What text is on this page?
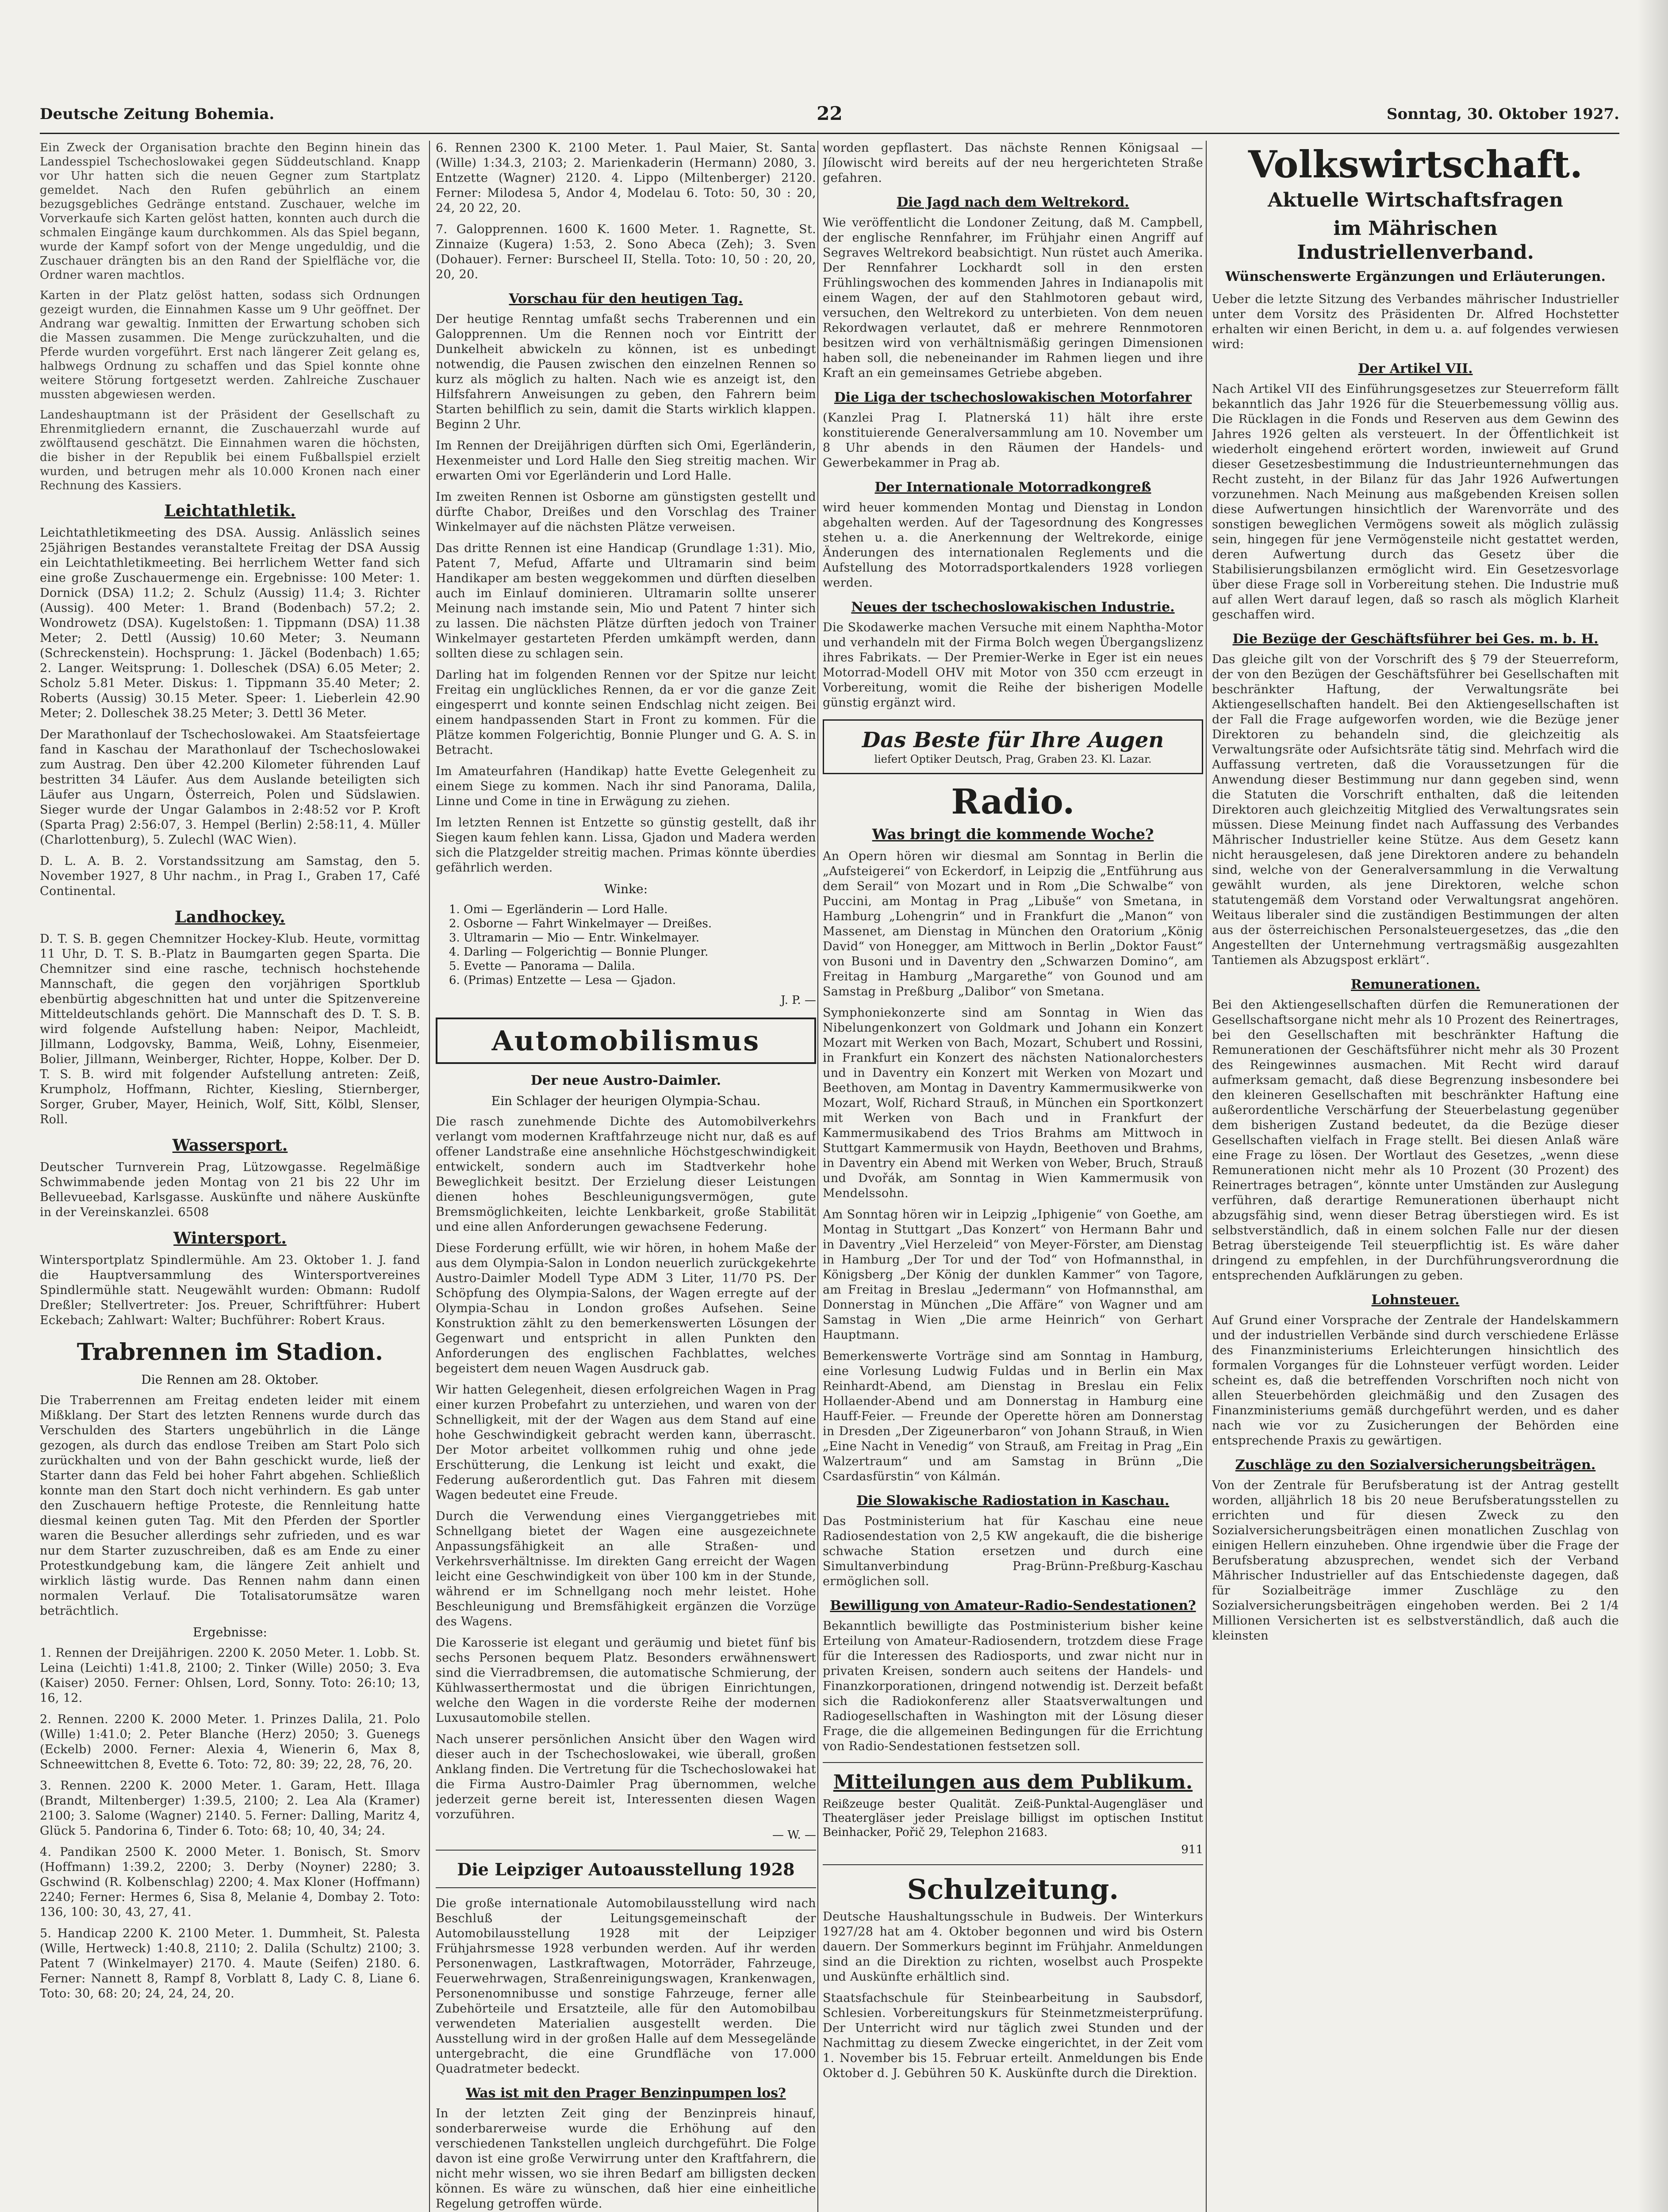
Deutsche Zeitung Bohemia.	22	Sonntag, 30. Oktober 1927.

Ein Zweck der Organisation brachte den Beginn hinein das Landesspiel Tschechoslowakei gegen Süddeutschland. Knapp vor Uhr hatten sich die neuen Gegner zum Startplatz gemeldet. Nach den Rufen gebührlich an einem bezugsgebliches Gedränge entstand. Zuschauer, welche im Vorverkaufe sich Karten gelöst hatten, konnten auch durch die schmalen Eingänge kaum durchkommen. Als das Spiel begann, wurde der Kampf sofort von der Menge ungeduldig, und die Zuschauer drängten bis an den Rand der Spielfläche vor, die Ordner waren machtlos.

Karten in der Platz gelöst hatten, sodass sich Ordnungen gezeigt wurden, die Einnahmen Kasse um 9 Uhr geöffnet. Der Andrang war gewaltig. Inmitten der Erwartung schoben sich die Massen zusammen. Die Menge zurückzuhalten, und die Pferde wurden vorgeführt. Erst nach längerer Zeit gelang es, halbwegs Ordnung zu schaffen und das Spiel konnte ohne weitere Störung fortgesetzt werden. Zahlreiche Zuschauer mussten abgewiesen werden.

Landeshauptmann ist der Präsident der Gesellschaft zu Ehrenmitgliedern ernannt, die Zuschauerzahl wurde auf zwölftausend geschätzt. Die Einnahmen waren die höchsten, die bisher in der Republik bei einem Fußballspiel erzielt wurden, und betrugen mehr als 10.000 Kronen nach einer Rechnung des Kassiers.

Leichtathletik.

Leichtathletikmeeting des DSA. Aussig. Anlässlich seines 25jährigen Bestandes veranstaltete Freitag der DSA Aussig ein Leichtathletikmeeting. Bei herrlichem Wetter fand sich eine große Zuschauermenge ein. Ergebnisse: 100 Meter: 1. Dornick (DSA) 11.2; 2. Schulz (Aussig) 11.4; 3. Richter (Aussig). 400 Meter: 1. Brand (Bodenbach) 57.2; 2. Wondrowetz (DSA). Kugelstoßen: 1. Tippmann (DSA) 11.38 Meter; 2. Dettl (Aussig) 10.60 Meter; 3. Neumann (Schreckenstein). Hochsprung: 1. Jäckel (Bodenbach) 1.65; 2. Langer. Weitsprung: 1. Dolleschek (DSA) 6.05 Meter; 2. Scholz 5.81 Meter. Diskus: 1. Tippmann 35.40 Meter; 2. Roberts (Aussig) 30.15 Meter. Speer: 1. Lieberlein 42.90 Meter; 2. Dolleschek 38.25 Meter; 3. Dettl 36 Meter.

Der Marathonlauf der Tschechoslowakei. Am Staatsfeiertage fand in Kaschau der Marathonlauf der Tschechoslowakei zum Austrag. Den über 42.200 Kilometer führenden Lauf bestritten 34 Läufer. Aus dem Auslande beteiligten sich Läufer aus Ungarn, Österreich, Polen und Südslawien. Sieger wurde der Ungar Galambos in 2:48:52 vor P. Kroft (Sparta Prag) 2:56:07, 3. Hempel (Berlin) 2:58:11, 4. Müller (Charlottenburg), 5. Zulechl (WAC Wien).

D. L. A. B. 2. Vorstandssitzung am Samstag, den 5. November 1927, 8 Uhr nachm., in Prag I., Graben 17, Café Continental.

Landhockey.

D. T. S. B. gegen Chemnitzer Hockey-Klub. Heute, vormittag 11 Uhr, D. T. S. B.-Platz in Baumgarten gegen Sparta. Die Chemnitzer sind eine rasche, technisch hochstehende Mannschaft, die gegen den vorjährigen Sportklub ebenbürtig abgeschnitten hat und unter die Spitzenvereine Mitteldeutschlands gehört. Die Mannschaft des D. T. S. B. wird folgende Aufstellung haben: Neipor, Machleidt, Jillmann, Lodgovsky, Bamma, Weiß, Lohny, Eisenmeier, Bolier, Jillmann, Weinberger, Richter, Hoppe, Kolber. Der D. T. S. B. wird mit folgender Aufstellung antreten: Zeiß, Krumpholz, Hoffmann, Richter, Kiesling, Stiernberger, Sorger, Gruber, Mayer, Heinich, Wolf, Sitt, Kölbl, Slenser, Roll.

Wassersport.

Deutscher Turnverein Prag, Lützowgasse. Regelmäßige Schwimmabende jeden Montag von 21 bis 22 Uhr im Bellevueebad, Karlsgasse. Auskünfte und nähere Auskünfte in der Vereinskanzlei. 6508

Wintersport.

Wintersportplatz Spindlermühle. Am 23. Oktober 1. J. fand die Hauptversammlung des Wintersportvereines Spindlermühle statt. Neugewählt wurden: Obmann: Rudolf Dreßler; Stellvertreter: Jos. Preuer, Schriftführer: Hubert Eckebach; Zahlwart: Walter; Buchführer: Robert Kraus.

Trabrennen im Stadion.
Die Rennen am 28. Oktober.

Die Traberrennen am Freitag endeten leider mit einem Mißklang. Der Start des letzten Rennens wurde durch das Verschulden des Starters ungebührlich in die Länge gezogen, als durch das endlose Treiben am Start Polo sich zurückhalten und von der Bahn geschickt wurde, ließ der Starter dann das Feld bei hoher Fahrt abgehen. Schließlich konnte man den Start doch nicht verhindern. Es gab unter den Zuschauern heftige Proteste, die Rennleitung hatte diesmal keinen guten Tag. Mit den Pferden der Sportler waren die Besucher allerdings sehr zufrieden, und es war nur dem Starter zuzuschreiben, daß es am Ende zu einer Protestkundgebung kam, die längere Zeit anhielt und wirklich lästig wurde. Das Rennen nahm dann einen normalen Verlauf. Die Totalisatorumsätze waren beträchtlich.

Ergebnisse:

1. Rennen der Dreijährigen. 2200 K. 2050 Meter. 1. Lobb. St. Leina (Leichti) 1:41.8, 2100; 2. Tinker (Wille) 2050; 3. Eva (Kaiser) 2050. Ferner: Ohlsen, Lord, Sonny. Toto: 26:10; 13, 16, 12.

2. Rennen. 2200 K. 2000 Meter. 1. Prinzes Dalila, 21. Polo (Wille) 1:41.0; 2. Peter Blanche (Herz) 2050; 3. Guenegs (Eckelb) 2000. Ferner: Alexia 4, Wienerin 6, Max 8, Schneewittchen 8, Evette 6. Toto: 72, 80: 39; 22, 28, 76, 20.

3. Rennen. 2200 K. 2000 Meter. 1. Garam, Hett. Illaga (Brandt, Miltenberger) 1:39.5, 2100; 2. Lea Ala (Kramer) 2100; 3. Salome (Wagner) 2140. 5. Ferner: Dalling, Maritz 4, Glück 5. Pandorina 6, Tinder 6. Toto: 68; 10, 40, 34; 24.

4. Pandikan 2500 K. 2000 Meter. 1. Bonisch, St. Smorv (Hoffmann) 1:39.2, 2200; 3. Derby (Noyner) 2280; 3. Gschwind (R. Kolbenschlag) 2200; 4. Max Kloner (Hoffmann) 2240; Ferner: Hermes 6, Sisa 8, Melanie 4, Dombay 2. Toto: 136, 100: 30, 43, 27, 41.

5. Handicap 2200 K. 2100 Meter. 1. Dummheit, St. Palesta (Wille, Hertweck) 1:40.8, 2110; 2. Dalila (Schultz) 2100; 3. Patent 7 (Winkelmayer) 2170. 4. Maute (Seifen) 2180. 6. Ferner: Nannett 8, Rampf 8, Vorblatt 8, Lady C. 8, Liane 6. Toto: 30, 68: 20; 24, 24, 24, 20.

6. Rennen 2300 K. 2100 Meter. 1. Paul Maier, St. Santa (Wille) 1:34.3, 2103; 2. Marienkaderin (Hermann) 2080, 3. Entzette (Wagner) 2120. 4. Lippo (Miltenberger) 2120. Ferner: Milodesa 5, Andor 4, Modelau 6. Toto: 50, 30 : 20, 24, 20 22, 20.

7. Galopprennen. 1600 K. 1600 Meter. 1. Ragnette, St. Zinnaize (Kugera) 1:53, 2. Sono Abeca (Zeh); 3. Sven (Dohauer). Ferner: Burscheel II, Stella. Toto: 10, 50 : 20, 20, 20, 20.

Vorschau für den heutigen Tag.

Der heutige Renntag umfaßt sechs Traberennen und ein Galopprennen. Um die Rennen noch vor Eintritt der Dunkelheit abwickeln zu können, ist es unbedingt notwendig, die Pausen zwischen den einzelnen Rennen so kurz als möglich zu halten. Nach wie es anzeigt ist, den Hilfsfahrern Anweisungen zu geben, den Fahrern beim Starten behilflich zu sein, damit die Starts wirklich klappen. Beginn 2 Uhr.

Im Rennen der Dreijährigen dürften sich Omi, Egerländerin, Hexenmeister und Lord Halle den Sieg streitig machen. Wir erwarten Omi vor Egerländerin und Lord Halle.

Im zweiten Rennen ist Osborne am günstigsten gestellt und dürfte Chabor, Dreißes und den Vorschlag des Trainer Winkelmayer auf die nächsten Plätze verweisen.

Das dritte Rennen ist eine Handicap (Grundlage 1:31). Mio, Patent 7, Mefud, Affarte und Ultramarin sind beim Handikaper am besten weggekommen und dürften dieselben auch im Einlauf dominieren. Ultramarin sollte unserer Meinung nach imstande sein, Mio und Patent 7 hinter sich zu lassen. Die nächsten Plätze dürften jedoch von Trainer Winkelmayer gestarteten Pferden umkämpft werden, dann sollten diese zu schlagen sein.

Darling hat im folgenden Rennen vor der Spitze nur leicht Freitag ein unglückliches Rennen, da er vor die ganze Zeit eingesperrt und konnte seinen Endschlag nicht zeigen. Bei einem handpassenden Start in Front zu kommen. Für die Plätze kommen Folgerichtig, Bonnie Plunger und G. A. S. in Betracht.

Im Amateurfahren (Handikap) hatte Evette Gelegenheit zu einem Siege zu kommen. Nach ihr sind Panorama, Dalila, Linne und Come in tine in Erwägung zu ziehen.

Im letzten Rennen ist Entzette so günstig gestellt, daß ihr Siegen kaum fehlen kann. Lissa, Gjadon und Madera werden sich die Platzgelder streitig machen. Primas könnte überdies gefährlich werden.

Winke:
1. Omi — Egerländerin — Lord Halle.
2. Osborne — Fahrt Winkelmayer — Dreißes.
3. Ultramarin — Mio — Entr. Winkelmayer.
4. Darling — Folgerichtig — Bonnie Plunger.
5. Evette — Panorama — Dalila.
6. (Primas) Entzette — Lesa — Gjadon.
J. P. —
Automobilismus
Der neue Austro-Daimler.
Ein Schlager der heurigen Olympia-Schau.

Die rasch zunehmende Dichte des Automobilverkehrs verlangt vom modernen Kraftfahrzeuge nicht nur, daß es auf offener Landstraße eine ansehnliche Höchstgeschwindigkeit entwickelt, sondern auch im Stadtverkehr hohe Beweglichkeit besitzt. Der Erzielung dieser Leistungen dienen hohes Beschleunigungsvermögen, gute Bremsmöglichkeiten, leichte Lenkbarkeit, große Stabilität und eine allen Anforderungen gewachsene Federung.

Diese Forderung erfüllt, wie wir hören, in hohem Maße der aus dem Olympia-Salon in London neuerlich zurückgekehrte Austro-Daimler Modell Type ADM 3 Liter, 11/70 PS. Der Schöpfung des Olympia-Salons, der Wagen erregte auf der Olympia-Schau in London großes Aufsehen. Seine Konstruktion zählt zu den bemerkenswerten Lösungen der Gegenwart und entspricht in allen Punkten den Anforderungen des englischen Fachblattes, welches begeistert dem neuen Wagen Ausdruck gab.

Wir hatten Gelegenheit, diesen erfolgreichen Wagen in Prag einer kurzen Probefahrt zu unterziehen, und waren von der Schnelligkeit, mit der der Wagen aus dem Stand auf eine hohe Geschwindigkeit gebracht werden kann, überrascht. Der Motor arbeitet vollkommen ruhig und ohne jede Erschütterung, die Lenkung ist leicht und exakt, die Federung außerordentlich gut. Das Fahren mit diesem Wagen bedeutet eine Freude.

Durch die Verwendung eines Vierganggetriebes mit Schnellgang bietet der Wagen eine ausgezeichnete Anpassungsfähigkeit an alle Straßen- und Verkehrsverhältnisse. Im direkten Gang erreicht der Wagen leicht eine Geschwindigkeit von über 100 km in der Stunde, während er im Schnellgang noch mehr leistet. Hohe Beschleunigung und Bremsfähigkeit ergänzen die Vorzüge des Wagens.

Die Karosserie ist elegant und geräumig und bietet fünf bis sechs Personen bequem Platz. Besonders erwähnenswert sind die Vierradbremsen, die automatische Schmierung, der Kühlwasserthermostat und die übrigen Einrichtungen, welche den Wagen in die vorderste Reihe der modernen Luxusautomobile stellen.

Nach unserer persönlichen Ansicht über den Wagen wird dieser auch in der Tschechoslowakei, wie überall, großen Anklang finden. Die Vertretung für die Tschechoslowakei hat die Firma Austro-Daimler Prag übernommen, welche jederzeit gerne bereit ist, Interessenten diesen Wagen vorzuführen.

— W. —
Die Leipziger Autoausstellung 1928

Die große internationale Automobilausstellung wird nach Beschluß der Leitungsgemeinschaft der Automobilausstellung 1928 mit der Leipziger Frühjahrsmesse 1928 verbunden werden. Auf ihr werden Personenwagen, Lastkraftwagen, Motorräder, Fahrzeuge, Feuerwehrwagen, Straßenreinigungswagen, Krankenwagen, Personenomnibusse und sonstige Fahrzeuge, ferner alle Zubehörteile und Ersatzteile, alle für den Automobilbau verwendeten Materialien ausgestellt werden. Die Ausstellung wird in der großen Halle auf dem Messegelände untergebracht, die eine Grundfläche von 17.000 Quadratmeter bedeckt.

Was ist mit den Prager Benzinpumpen los?

In der letzten Zeit ging der Benzinpreis hinauf, sonderbarerweise wurde die Erhöhung auf den verschiedenen Tankstellen ungleich durchgeführt. Die Folge davon ist eine große Verwirrung unter den Kraftfahrern, die nicht mehr wissen, wo sie ihren Bedarf am billigsten decken können. Es wäre zu wünschen, daß hier eine einheitliche Regelung getroffen würde.

worden gepflastert. Das nächste Rennen Königsaal — Jílowischt wird bereits auf der neu hergerichteten Straße gefahren.

Die Jagd nach dem Weltrekord.

Wie veröffentlicht die Londoner Zeitung, daß M. Campbell, der englische Rennfahrer, im Frühjahr einen Angriff auf Segraves Weltrekord beabsichtigt. Nun rüstet auch Amerika. Der Rennfahrer Lockhardt soll in den ersten Frühlingswochen des kommenden Jahres in Indianapolis mit einem Wagen, der auf den Stahlmotoren gebaut wird, versuchen, den Weltrekord zu unterbieten. Von dem neuen Rekordwagen verlautet, daß er mehrere Rennmotoren besitzen wird von verhältnismäßig geringen Dimensionen haben soll, die nebeneinander im Rahmen liegen und ihre Kraft an ein gemeinsames Getriebe abgeben.

Die Liga der tschechoslowakischen Motorfahrer

(Kanzlei Prag I. Platnerská 11) hält ihre erste konstituierende Generalversammlung am 10. November um 8 Uhr abends in den Räumen der Handels- und Gewerbekammer in Prag ab.

Der Internationale Motorradkongreß

wird heuer kommenden Montag und Dienstag in London abgehalten werden. Auf der Tagesordnung des Kongresses stehen u. a. die Anerkennung der Weltrekorde, einige Änderungen des internationalen Reglements und die Aufstellung des Motorradsportkalenders 1928 vorliegen werden.

Neues der tschechoslowakischen Industrie.

Die Skodawerke machen Versuche mit einem Naphtha-Motor und verhandeln mit der Firma Bolch wegen Übergangslizenz ihres Fabrikats. — Der Premier-Werke in Eger ist ein neues Motorrad-Modell OHV mit Motor von 350 ccm erzeugt in Vorbereitung, womit die Reihe der bisherigen Modelle günstig ergänzt wird.

Das Beste für Ihre Augen
liefert Optiker Deutsch, Prag, Graben 23. Kl. Lazar.
Radio.
Was bringt die kommende Woche?

An Opern hören wir diesmal am Sonntag in Berlin die „Aufsteigerei“ von Eckerdorf, in Leipzig die „Entführung aus dem Serail“ von Mozart und in Rom „Die Schwalbe“ von Puccini, am Montag in Prag „Libuše“ von Smetana, in Hamburg „Lohengrin“ und in Frankfurt die „Manon“ von Massenet, am Dienstag in München den Oratorium „König David“ von Honegger, am Mittwoch in Berlin „Doktor Faust“ von Busoni und in Daventry den „Schwarzen Domino“, am Freitag in Hamburg „Margarethe“ von Gounod und am Samstag in Preßburg „Dalibor“ von Smetana.

Symphoniekonzerte sind am Sonntag in Wien das Nibelungenkonzert von Goldmark und Johann ein Konzert Mozart mit Werken von Bach, Mozart, Schubert und Rossini, in Frankfurt ein Konzert des nächsten Nationalorchesters und in Daventry ein Konzert mit Werken von Mozart und Beethoven, am Montag in Daventry Kammermusikwerke von Mozart, Wolf, Richard Strauß, in München ein Sportkonzert mit Werken von Bach und in Frankfurt der Kammermusikabend des Trios Brahms am Mittwoch in Stuttgart Kammermusik von Haydn, Beethoven und Brahms, in Daventry ein Abend mit Werken von Weber, Bruch, Strauß und Dvořák, am Sonntag in Wien Kammermusik von Mendelssohn.

Am Sonntag hören wir in Leipzig „Iphigenie“ von Goethe, am Montag in Stuttgart „Das Konzert“ von Hermann Bahr und in Daventry „Viel Herzeleid“ von Meyer-Förster, am Dienstag in Hamburg „Der Tor und der Tod“ von Hofmannsthal, in Königsberg „Der König der dunklen Kammer“ von Tagore, am Freitag in Breslau „Jedermann“ von Hofmannsthal, am Donnerstag in München „Die Affäre“ von Wagner und am Samstag in Wien „Die arme Heinrich“ von Gerhart Hauptmann.

Bemerkenswerte Vorträge sind am Sonntag in Hamburg, eine Vorlesung Ludwig Fuldas und in Berlin ein Max Reinhardt-Abend, am Dienstag in Breslau ein Felix Hollaender-Abend und am Donnerstag in Hamburg eine Hauff-Feier. — Freunde der Operette hören am Donnerstag in Dresden „Der Zigeunerbaron“ von Johann Strauß, in Wien „Eine Nacht in Venedig“ von Strauß, am Freitag in Prag „Ein Walzertraum“ und am Samstag in Brünn „Die Csardasfürstin“ von Kálmán.

Die Slowakische Radiostation in Kaschau.

Das Postministerium hat für Kaschau eine neue Radiosendestation von 2,5 KW angekauft, die die bisherige schwache Station ersetzen und durch eine Simultanverbindung Prag-Brünn-Preßburg-Kaschau ermöglichen soll.

Bewilligung von Amateur-Radio-Sendestationen?

Bekanntlich bewilligte das Postministerium bisher keine Erteilung von Amateur-Radiosendern, trotzdem diese Frage für die Interessen des Radiosports, und zwar nicht nur in privaten Kreisen, sondern auch seitens der Handels- und Finanzkorporationen, dringend notwendig ist. Derzeit befaßt sich die Radiokonferenz aller Staatsverwaltungen und Radiogesellschaften in Washington mit der Lösung dieser Frage, die die allgemeinen Bedingungen für die Errichtung von Radio-Sendestationen festsetzen soll.

Mitteilungen aus dem Publikum.

Reißzeuge bester Qualität. Zeiß-Punktal-Augengläser und Theatergläser jeder Preislage billigst im optischen Institut Beinhacker, Pořič 29, Telephon 21683.

911
Schulzeitung.

Deutsche Haushaltungsschule in Budweis. Der Winterkurs 1927/28 hat am 4. Oktober begonnen und wird bis Ostern dauern. Der Sommerkurs beginnt im Frühjahr. Anmeldungen sind an die Direktion zu richten, woselbst auch Prospekte und Auskünfte erhältlich sind.

Staatsfachschule für Steinbearbeitung in Saubsdorf, Schlesien. Vorbereitungskurs für Steinmetzmeisterprüfung. Der Unterricht wird nur täglich zwei Stunden und der Nachmittag zu diesem Zwecke eingerichtet, in der Zeit vom 1. November bis 15. Februar erteilt. Anmeldungen bis Ende Oktober d. J. Gebühren 50 K. Auskünfte durch die Direktion.

Volkswirtschaft.
Aktuelle Wirtschaftsfragen
im Mährischen Industriellenverband.
Wünschenswerte Ergänzungen und Erläuterungen.

Ueber die letzte Sitzung des Verbandes mährischer Industrieller unter dem Vorsitz des Präsidenten Dr. Alfred Hochstetter erhalten wir einen Bericht, in dem u. a. auf folgendes verwiesen wird:

Der Artikel VII.

Nach Artikel VII des Einführungsgesetzes zur Steuerreform fällt bekanntlich das Jahr 1926 für die Steuerbemessung völlig aus. Die Rücklagen in die Fonds und Reserven aus dem Gewinn des Jahres 1926 gelten als versteuert. In der Öffentlichkeit ist wiederholt eingehend erörtert worden, inwieweit auf Grund dieser Gesetzesbestimmung die Industrieunternehmungen das Recht zusteht, in der Bilanz für das Jahr 1926 Aufwertungen vorzunehmen. Nach Meinung aus maßgebenden Kreisen sollen diese Aufwertungen hinsichtlich der Warenvorräte und des sonstigen beweglichen Vermögens soweit als möglich zulässig sein, hingegen für jene Vermögensteile nicht gestattet werden, deren Aufwertung durch das Gesetz über die Stabilisierungsbilanzen ermöglicht wird. Ein Gesetzesvorlage über diese Frage soll in Vorbereitung stehen. Die Industrie muß auf allen Wert darauf legen, daß so rasch als möglich Klarheit geschaffen wird.

Die Bezüge der Geschäftsführer bei Ges. m. b. H.

Das gleiche gilt von der Vorschrift des § 79 der Steuerreform, der von den Bezügen der Geschäftsführer bei Gesellschaften mit beschränkter Haftung, der Verwaltungsräte bei Aktiengesellschaften handelt. Bei den Aktiengesellschaften ist der Fall die Frage aufgeworfen worden, wie die Bezüge jener Direktoren zu behandeln sind, die gleichzeitig als Verwaltungsräte oder Aufsichtsräte tätig sind. Mehrfach wird die Auffassung vertreten, daß die Voraussetzungen für die Anwendung dieser Bestimmung nur dann gegeben sind, wenn die Statuten die Vorschrift enthalten, daß die leitenden Direktoren auch gleichzeitig Mitglied des Verwaltungsrates sein müssen. Diese Meinung findet nach Auffassung des Verbandes Mährischer Industrieller keine Stütze. Aus dem Gesetz kann nicht herausgelesen, daß jene Direktoren andere zu behandeln sind, welche von der Generalversammlung in die Verwaltung gewählt wurden, als jene Direktoren, welche schon statutengemäß dem Vorstand oder Verwaltungsrat angehören. Weitaus liberaler sind die zuständigen Bestimmungen der alten aus der österreichischen Personalsteuergesetzes, das „die den Angestellten der Unternehmung vertragsmäßig ausgezahlten Tantiemen als Abzugspost erklärt“.

Remunerationen.

Bei den Aktiengesellschaften dürfen die Remunerationen der Gesellschaftsorgane nicht mehr als 10 Prozent des Reinertrages, bei den Gesellschaften mit beschränkter Haftung die Remunerationen der Geschäftsführer nicht mehr als 30 Prozent des Reingewinnes ausmachen. Mit Recht wird darauf aufmerksam gemacht, daß diese Begrenzung insbesondere bei den kleineren Gesellschaften mit beschränkter Haftung eine außerordentliche Verschärfung der Steuerbelastung gegenüber dem bisherigen Zustand bedeutet, da die Bezüge dieser Gesellschaften vielfach in Frage stellt. Bei diesen Anlaß wäre eine Frage zu lösen. Der Wortlaut des Gesetzes, „wenn diese Remunerationen nicht mehr als 10 Prozent (30 Prozent) des Reinertrages betragen“, könnte unter Umständen zur Auslegung verführen, daß derartige Remunerationen überhaupt nicht abzugsfähig sind, wenn dieser Betrag überstiegen wird. Es ist selbstverständlich, daß in einem solchen Falle nur der diesen Betrag übersteigende Teil steuerpflichtig ist. Es wäre daher dringend zu empfehlen, in der Durchführungsverordnung die entsprechenden Aufklärungen zu geben.

Lohnsteuer.

Auf Grund einer Vorsprache der Zentrale der Handelskammern und der industriellen Verbände sind durch verschiedene Erlässe des Finanzministeriums Erleichterungen hinsichtlich des formalen Vorganges für die Lohnsteuer verfügt worden. Leider scheint es, daß die betreffenden Vorschriften noch nicht von allen Steuerbehörden gleichmäßig und den Zusagen des Finanzministeriums gemäß durchgeführt werden, und es daher nach wie vor zu Zusicherungen der Behörden eine entsprechende Praxis zu gewärtigen.

Zuschläge zu den Sozialversicherungsbeiträgen.

Von der Zentrale für Berufsberatung ist der Antrag gestellt worden, alljährlich 18 bis 20 neue Berufsberatungsstellen zu errichten und für diesen Zweck zu den Sozialversicherungsbeiträgen einen monatlichen Zuschlag von einigen Hellern einzuheben. Ohne irgendwie über die Frage der Berufsberatung abzusprechen, wendet sich der Verband Mährischer Industrieller auf das Entschiedenste dagegen, daß für Sozialbeiträge immer Zuschläge zu den Sozialversicherungsbeiträgen eingehoben werden. Bei 2 1/4 Millionen Versicherten ist es selbstverständlich, daß auch die kleinsten
